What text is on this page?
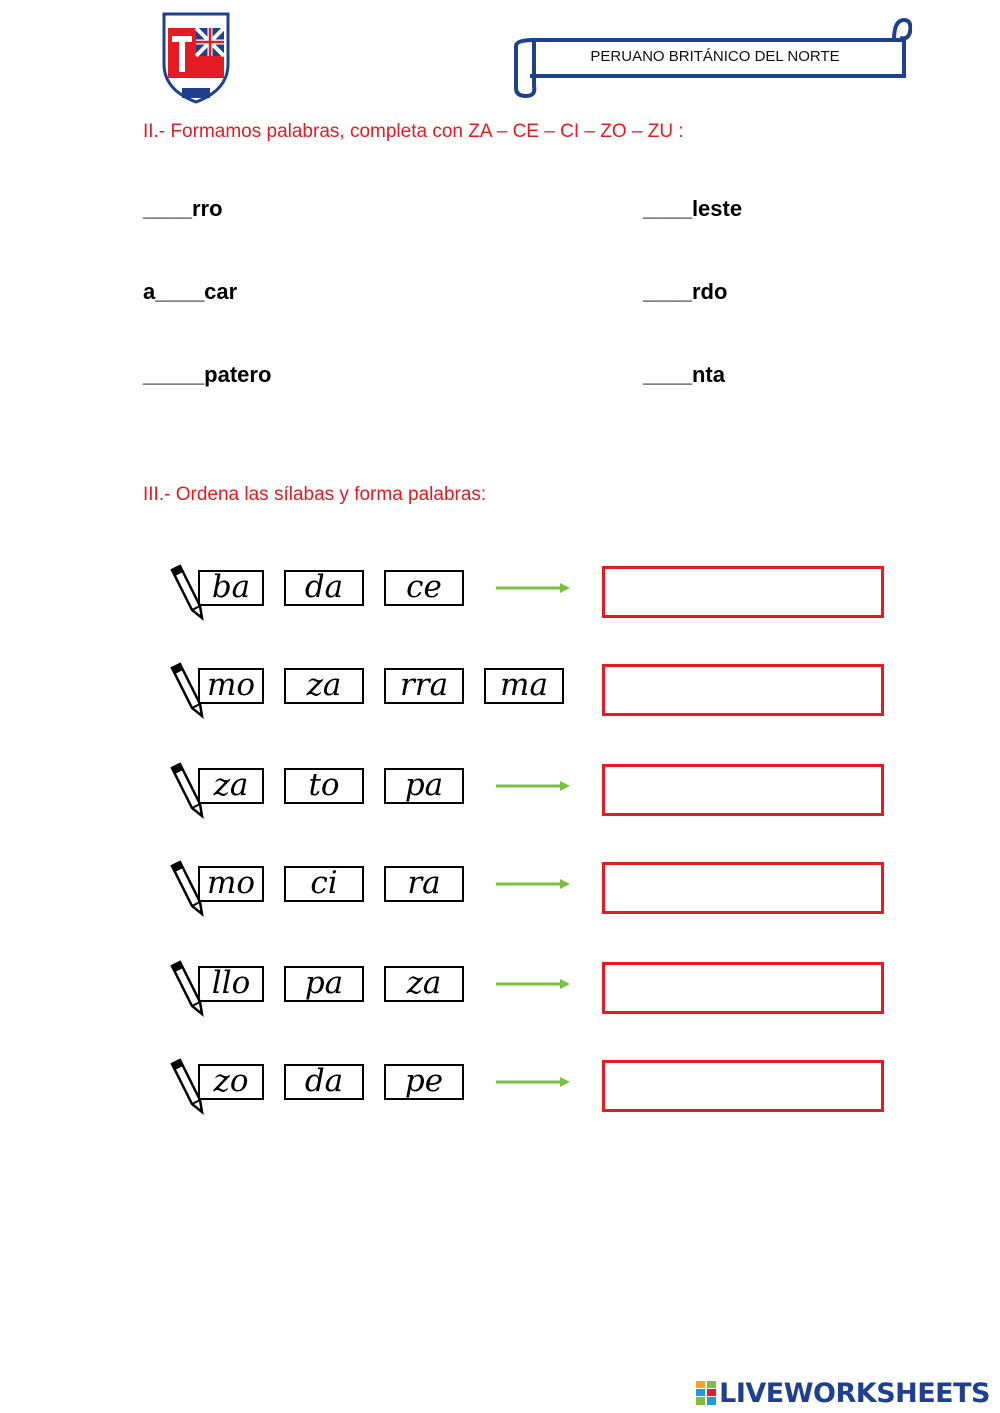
PERUANO BRITÁNICO DEL NORTE
II.- Formamos palabras, completa con ZA – CE – CI – ZO – ZU :
____rro	____leste
a____car	____rdo
_____patero	____nta
III.- Ordena las sílabas y forma palabras:
ba	da	ce
mo	za	rra	ma
za	to	pa
mo	ci	ra
llo	pa	za
zo	da	pe
LIVEWORKSHEETS
